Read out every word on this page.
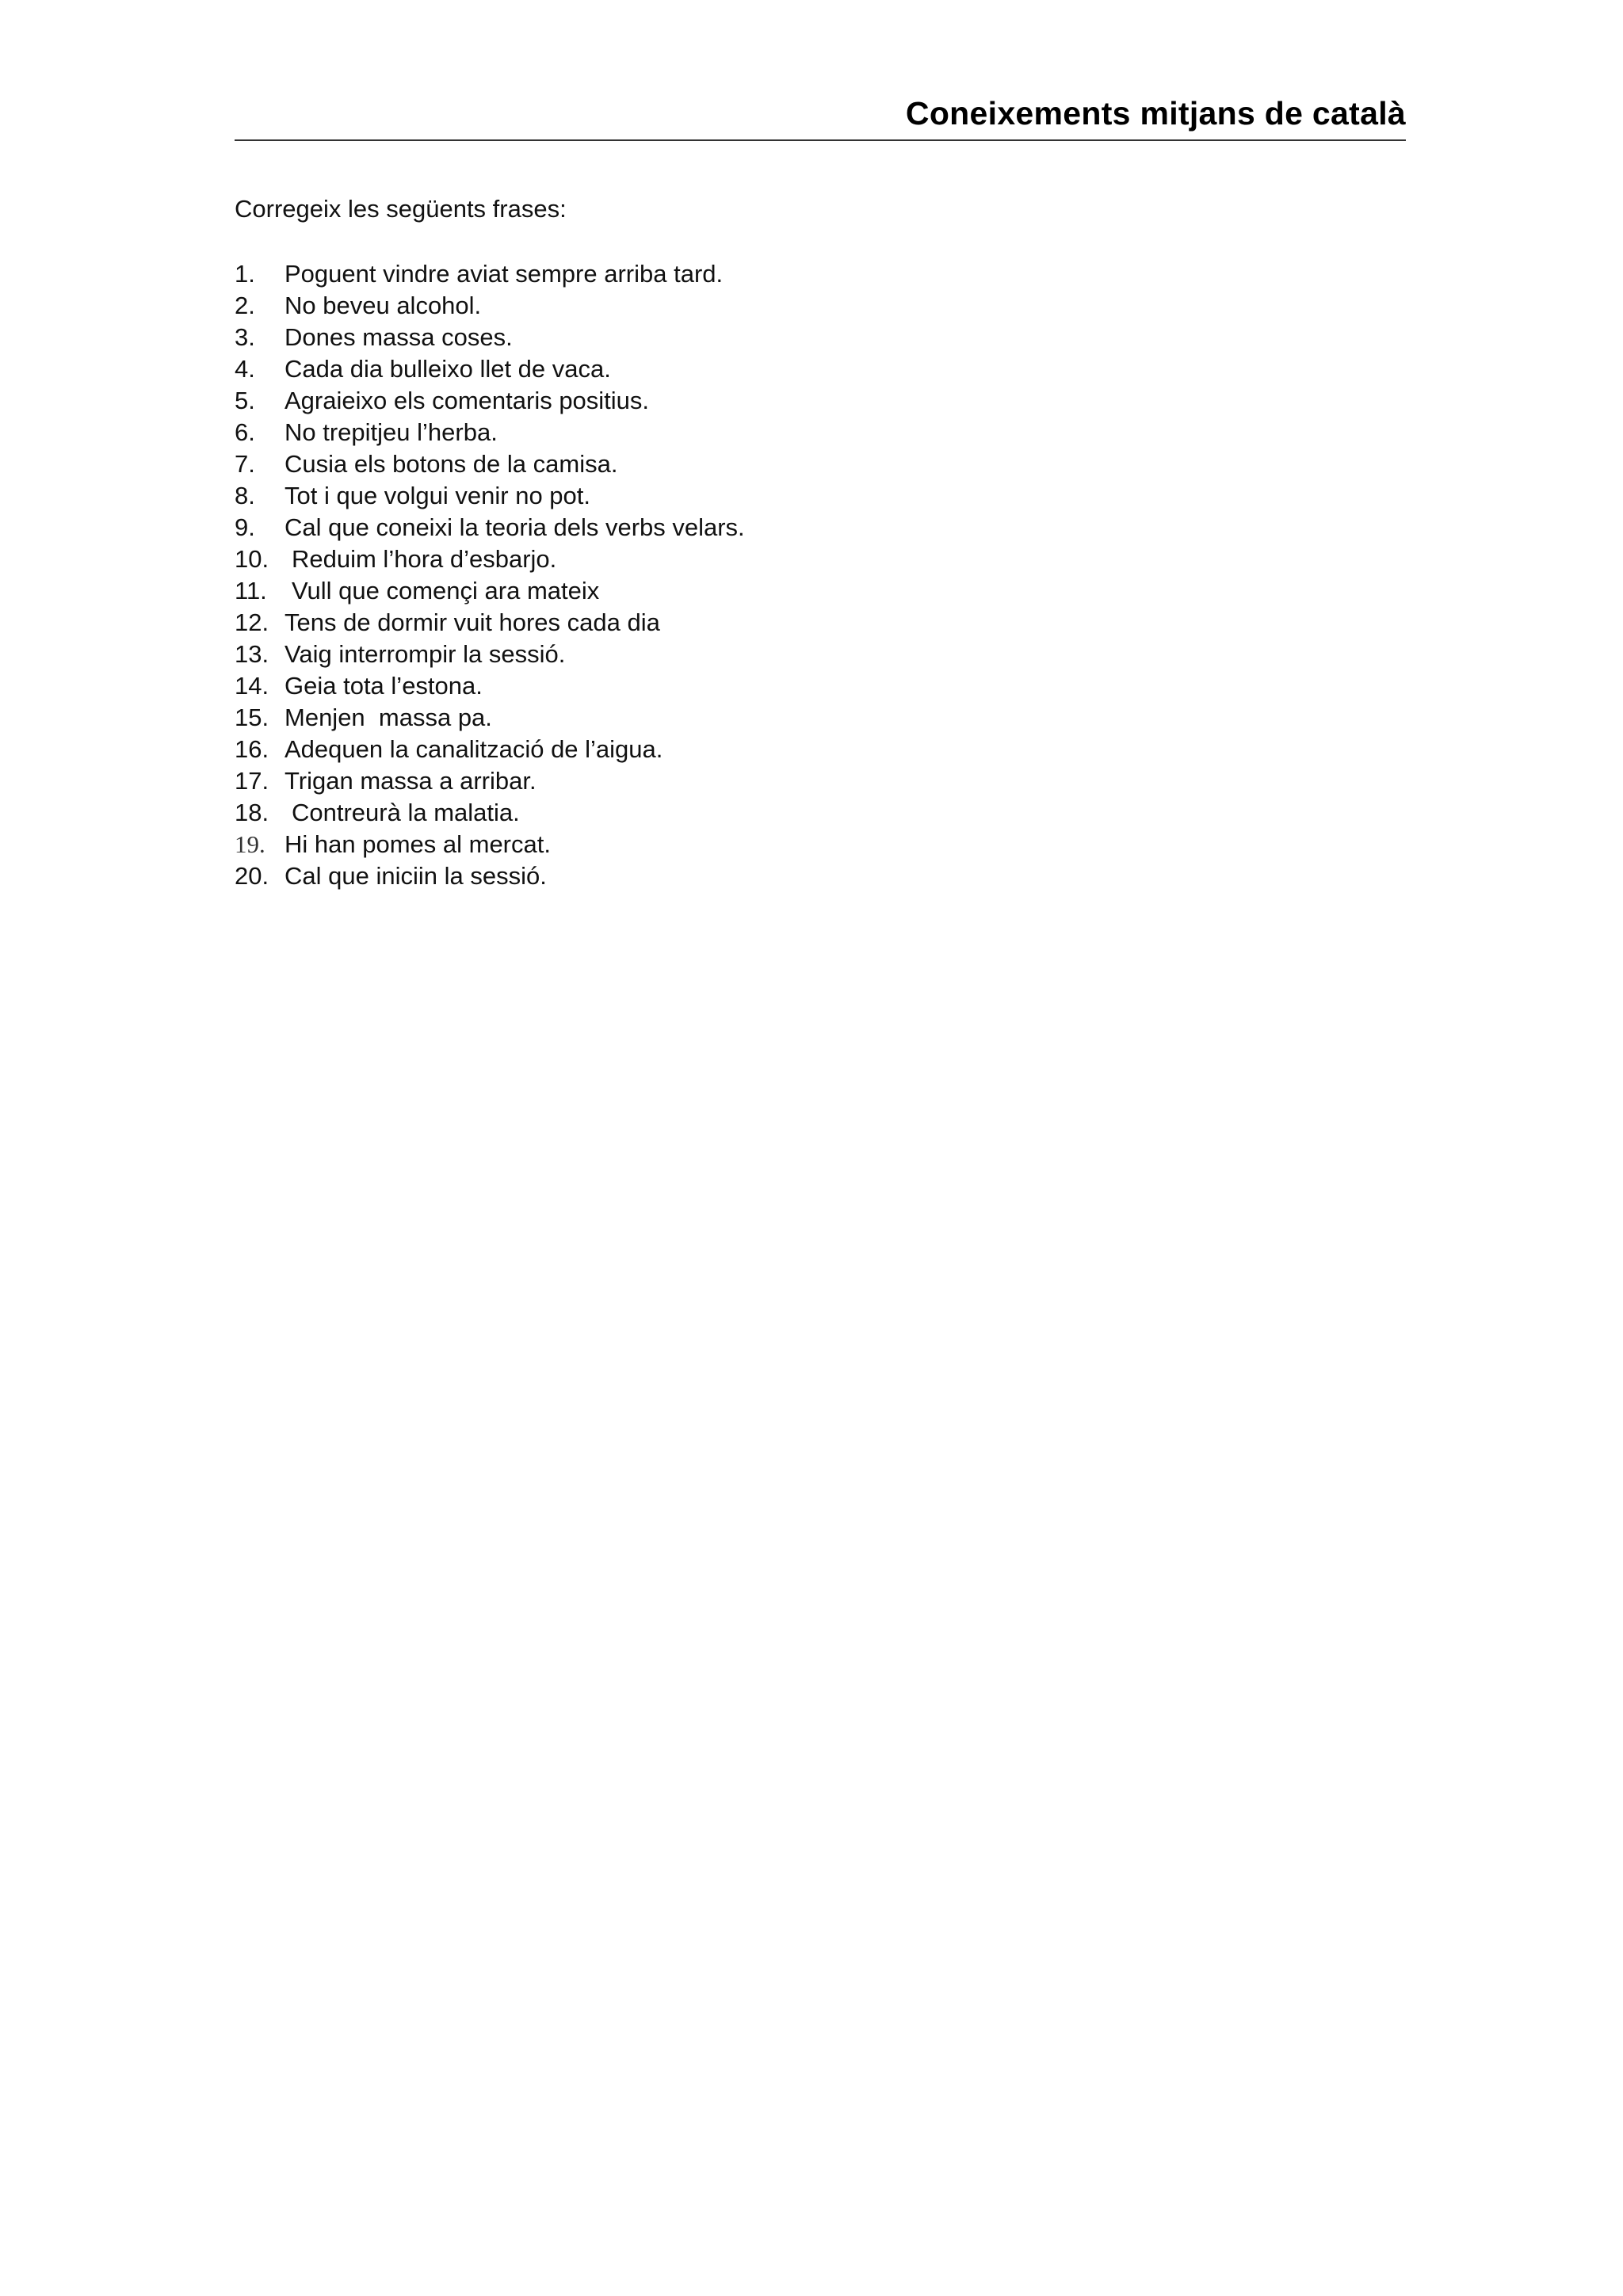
Coneixements mitjans de català
Corregeix les següents frases:
1.	Poguent vindre aviat sempre arriba tard.
2.	No beveu alcohol.
3.	Dones massa coses.
4.	Cada dia bulleixo llet de vaca.
5.	Agraieixo els comentaris positius.
6.	No trepitjeu l’herba.
7.	Cusia els botons de la camisa.
8.	Tot i que volgui venir no pot.
9.	Cal que coneixi la teoria dels verbs velars.
10. Reduim l’hora d’esbarjo.
11.	Vull que començi ara mateix
12. Tens de dormir vuit hores cada dia
13. Vaig interrompir la sessió.
14. Geia tota l’estona.
15. Menjen  massa pa.
16. Adequen la canalització de l’aigua.
17. Trigan massa a arribar.
18. Contreurà la malatia.
19. Hi han pomes al mercat.
20. Cal que iniciin la sessió.
